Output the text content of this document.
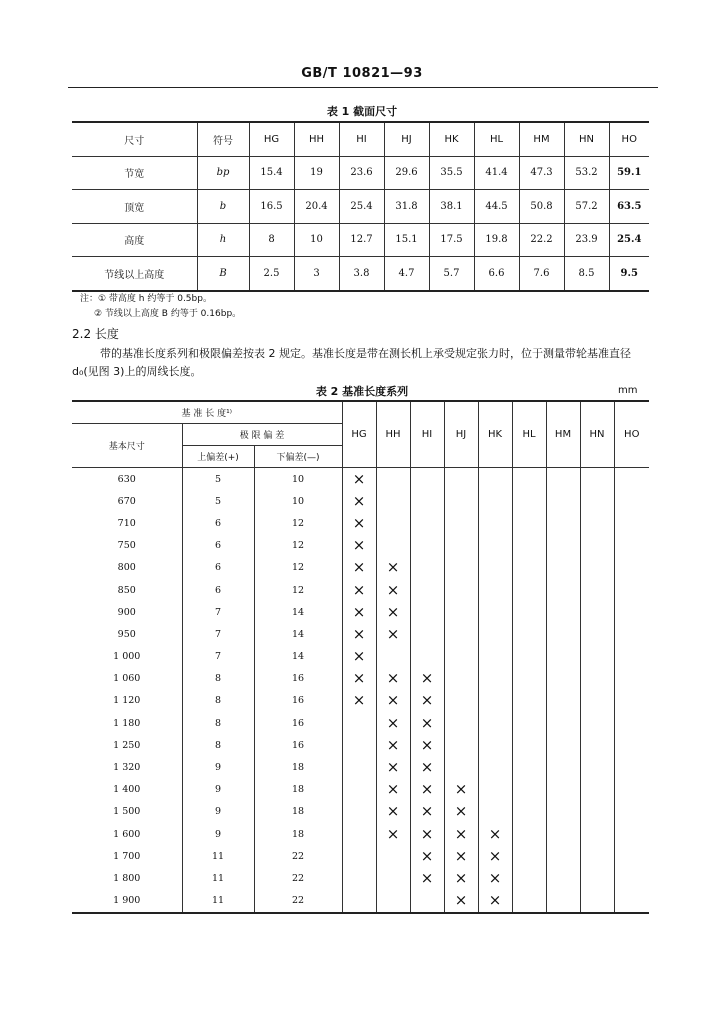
GB/T 10821—93
表 1 截面尺寸
尺寸	符号	HG	HH	HI	HJ	HK	HL	HM	HN	HO
节宽	bp	15.4	19	23.6	29.6	35.5	41.4	47.3	53.2	59.1
顶宽	b	16.5	20.4	25.4	31.8	38.1	44.5	50.8	57.2	63.5
高度	h	8	10	12.7	15.1	17.5	19.8	22.2	23.9	25.4
节线以上高度	B	2.5	3	3.8	4.7	5.7	6.6	7.6	8.5	9.5
注：① 带高度 h 约等于 0.5bp。
② 节线以上高度 B 约等于 0.16bp。
2.2 长度
带的基准长度系列和极限偏差按表 2 规定。基准长度是带在测长机上承受规定张力时，位于测量带轮基准直径 d₀(见图 3)上的周线长度。
表 2 基准长度系列	mm
基 准 长 度¹⁾			HG	HH	HI	HJ	HK	HL	HM	HN	HO
基本尺寸	极 限 偏 差										
	上偏差(+)	下偏差(—)									
630	5	10	×								
670	5	10	×								
710	6	12	×								
750	6	12	×								
800	6	12	×	×							
850	6	12	×	×							
900	7	14	×	×							
950	7	14	×	×							
1 000	7	14	×								
1 060	8	16	×	×	×						
1 120	8	16	×	×	×						
1 180	8	16		×	×						
1 250	8	16		×	×						
1 320	9	18		×	×						
1 400	9	18		×	×	×					
1 500	9	18		×	×	×					
1 600	9	18		×	×	×	×				
1 700	11	22			×	×	×				
1 800	11	22			×	×	×				
1 900	11	22				×	×				
